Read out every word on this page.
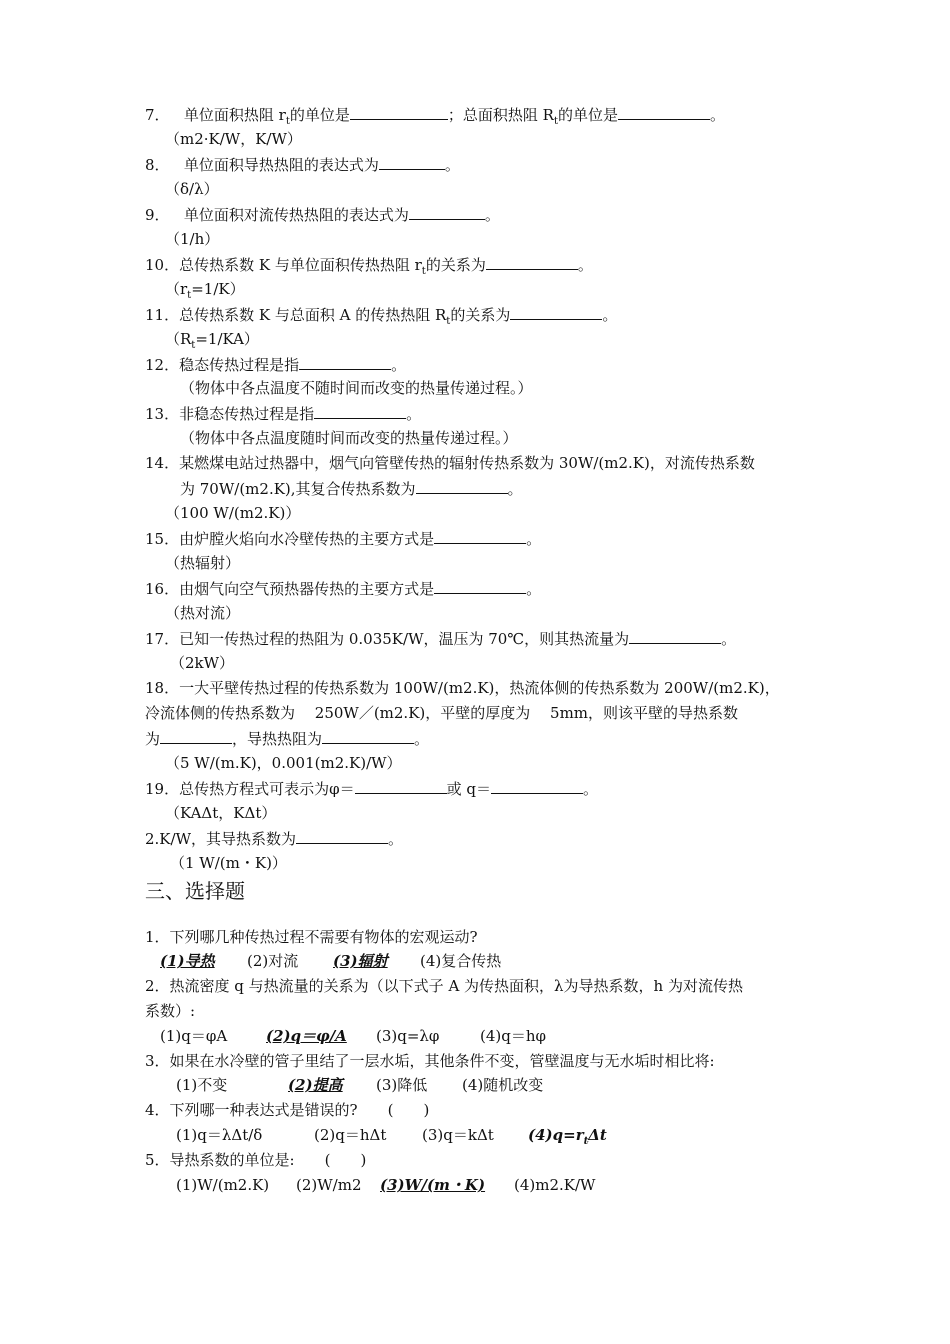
7． 单位面积热阻 $r_t$的单位是	；总面积热阻 $R_t$的单位是	。
（m2·K/W，K/W）
8． 单位面积导热热阻的表达式为	。
（δ/λ）
9． 单位面积对流传热热阻的表达式为	。
（1/h）
10．总传热系数 K 与单位面积传热热阻 $r_t$的关系为	。
$(r_t=1/K)$
11．总传热系数 K 与总面积 A 的传热热阻 $R_t$的关系为	。
$(R_t=1/KA)$
12．稳态传热过程是指	。
（物体中各点温度不随时间而改变的热量传递过程。）
13．非稳态传热过程是指	。
（物体中各点温度随时间而改变的热量传递过程。）
14．某燃煤电站过热器中，烟气向管壁传热的辐射传热系数为 30W/(m2.K)，对流传热系数
为 70W/(m2.K),其复合传热系数为	。
（100 W/(m2.K)）
15．由炉膛火焰向水冷壁传热的主要方式是	。
（热辐射）
16．由烟气向空气预热器传热的主要方式是	。
（热对流）
17．已知一传热过程的热阻为 0.035K/W，温压为 70℃，则其热流量为	。
（2kW）
18．一大平壁传热过程的传热系数为 100W/(m2.K)，热流体侧的传热系数为 200W/(m2.K)，
冷流体侧的传热系数为　 250W／(m2.K)，平壁的厚度为　 5mm，则该平壁的导热系数
为	，导热热阻为	。
（5 W/(m.K)，0.001(m2.K)/W）
19．总传热方程式可表示为φ＝	或 q＝	。
（KAΔt，KΔt）
2.K/W，其导热系数为	。
（1 W/(m・K)）
三、选择题
1．下列哪几种传热过程不需要有物体的宏观运动?
(1)导热 (2)对流 (3)辐射 (4)复合传热
2．热流密度 q 与热流量的关系为（以下式子 A 为传热面积，λ为导热系数，h 为对流传热
系数）:
(1)q＝φA	(2)q＝φ/A (3)q=λφ	(4)q＝hφ
3．如果在水冷壁的管子里结了一层水垢，其他条件不变，管壁温度与无水垢时相比将:
(1)不变	(2)提高 (3)降低 (4)随机改变
4．下列哪一种表达式是错误的?　　(　　)
(1)q＝λΔt/δ	(2)q＝hΔt (3)q＝kΔt $(4)q=r_t\Delta t$
5．导热系数的单位是:　　(　　)
(1)W/(m2.K) (2)W/m2 (3)W/(m・K) (4)m2.K/W
